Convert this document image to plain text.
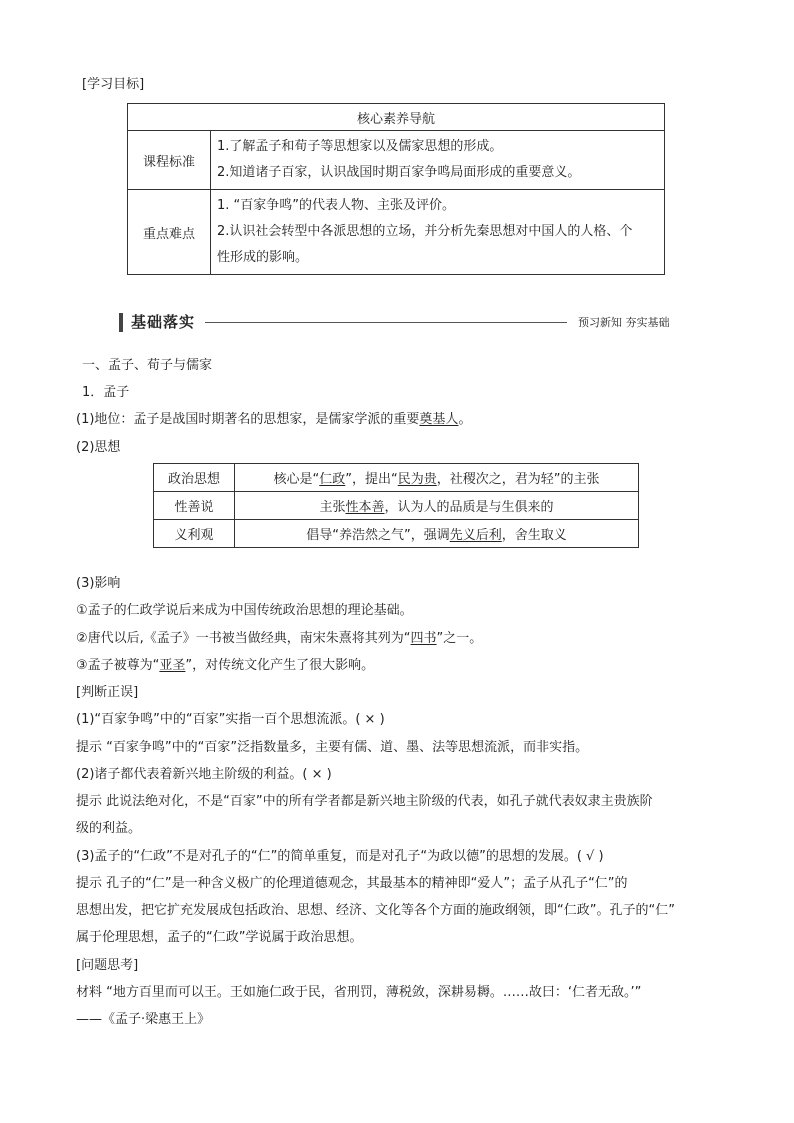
[学习目标]
核心素养导航	
课程标准	1.了解孟子和荀子等思想家以及儒家思想的形成。
2.知道诸子百家，认识战国时期百家争鸣局面形成的重要意义。

重点难点	1. “百家争鸣”的代表人物、主张及评价。
2.认识社会转型中各派思想的立场，并分析先秦思想对中国人的人格、个
性形成的影响。
基础落实	预习新知 夯实基础
一、孟子、荀子与儒家
1．孟子
(1)地位：孟子是战国时期著名的思想家，是儒家学派的重要奠基人。
(2)思想
政治思想	核心是“仁政”，提出“民为贵，社稷次之，君为轻”的主张
性善说	主张性本善，认为人的品质是与生俱来的
义利观	倡导“养浩然之气”，强调先义后利，舍生取义
(3)影响
①孟子的仁政学说后来成为中国传统政治思想的理论基础。
②唐代以后,《孟子》一书被当做经典，南宋朱熹将其列为“四书”之一。
③孟子被尊为“亚圣”，对传统文化产生了很大影响。
[判断正误]
(1)“百家争鸣”中的“百家”实指一百个思想流派。( × )
提示 “百家争鸣”中的“百家”泛指数量多，主要有儒、道、墨、法等思想流派，而非实指。
(2)诸子都代表着新兴地主阶级的利益。( × )
提示 此说法绝对化，不是“百家”中的所有学者都是新兴地主阶级的代表，如孔子就代表奴隶主贵族阶
级的利益。
(3)孟子的“仁政”不是对孔子的“仁”的简单重复，而是对孔子“为政以德”的思想的发展。( √ )
提示 孔子的“仁”是一种含义极广的伦理道德观念，其最基本的精神即“爱人”；孟子从孔子“仁”的
思想出发，把它扩充发展成包括政治、思想、经济、文化等各个方面的施政纲领，即“仁政”。孔子的“仁”
属于伦理思想，孟子的“仁政”学说属于政治思想。
[问题思考]
材料 “地方百里而可以王。王如施仁政于民，省刑罚，薄税敛，深耕易耨。……故曰：‘仁者无敌。’”
——《孟子·梁惠王上》
